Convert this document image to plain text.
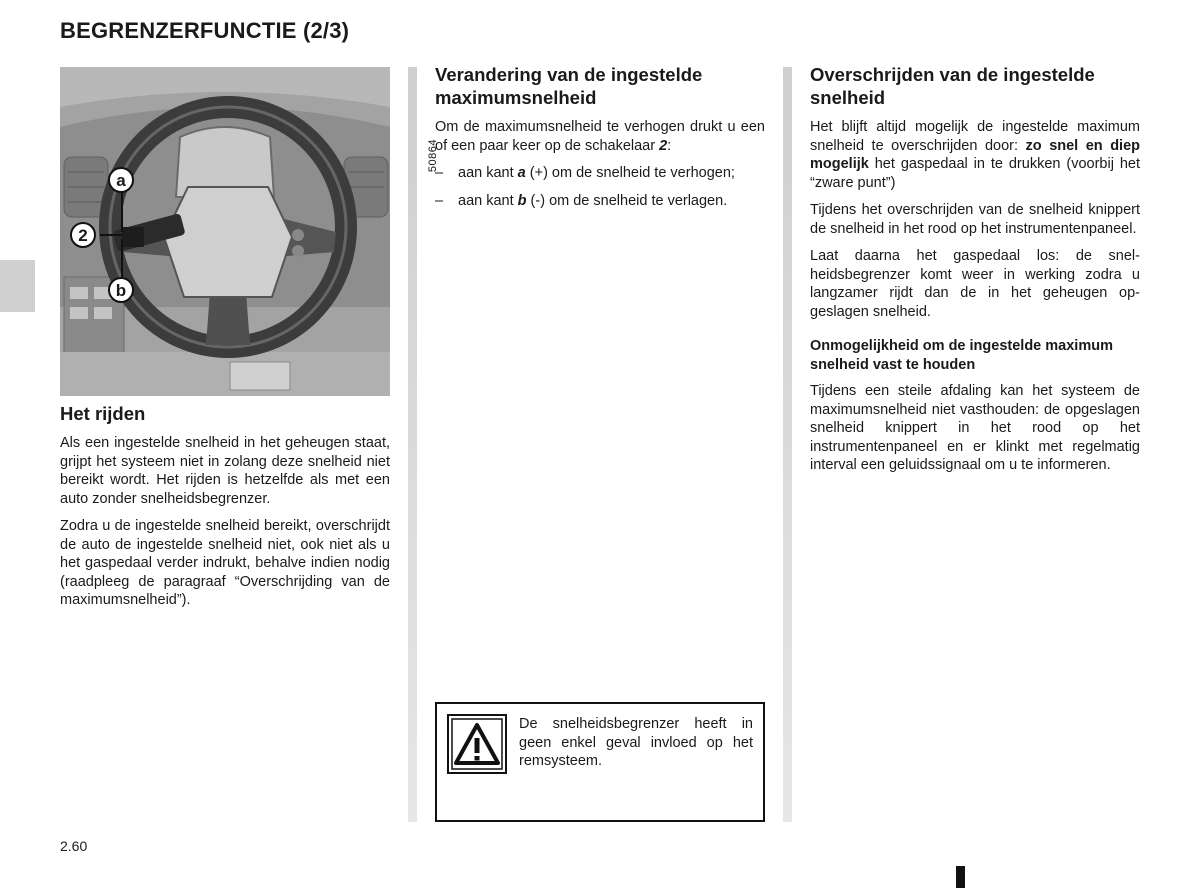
BEGRENZERFUNCTIE (2/3)
a
2
b
50864
Het rijden

Als een ingestelde snelheid in het geheugen staat, grijpt het systeem niet in zolang deze snelheid niet bereikt wordt. Het rijden is hetzelfde als met een auto zonder snelheidsbegrenzer.

Zodra u de ingestelde snelheid bereikt, overschrijdt de auto de ingestelde snelheid niet, ook niet als u het gaspedaal verder indrukt, behalve indien nodig (raadpleeg de paragraaf “Overschrijding van de maximumsnelheid”).

Verandering van de ingestelde maximumsnelheid

Om de maximumsnelheid te verhogen drukt u een of een paar keer op de schakelaar 2:

– aan kant a (+) om de snelheid te verhogen;
– aan kant b (-) om de snelheid te verlagen.

De snelheidsbegrenzer heeft in geen enkel geval invloed op het remsysteem.

Overschrijden van de ingestelde snelheid

Het blijft altijd mogelijk de ingestelde maximum snelheid te overschrijden door: zo snel en diep mogelijk het gaspedaal in te drukken (voorbij het “zware punt”)

Tijdens het overschrijden van de snelheid knippert de snelheid in het rood op het instrumentenpaneel.

Laat daarna het gaspedaal los: de snelheidsbegrenzer komt weer in werking zodra u langzamer rijdt dan de in het geheugen opgeslagen snelheid.

Onmogelijkheid om de ingestelde maximum snelheid vast te houden

Tijdens een steile afdaling kan het systeem de maximumsnelheid niet vasthouden: de opgeslagen snelheid knippert in het rood op het instrumentenpaneel en er klinkt met regelmatig interval een geluidssignaal om u te informeren.

2.60
